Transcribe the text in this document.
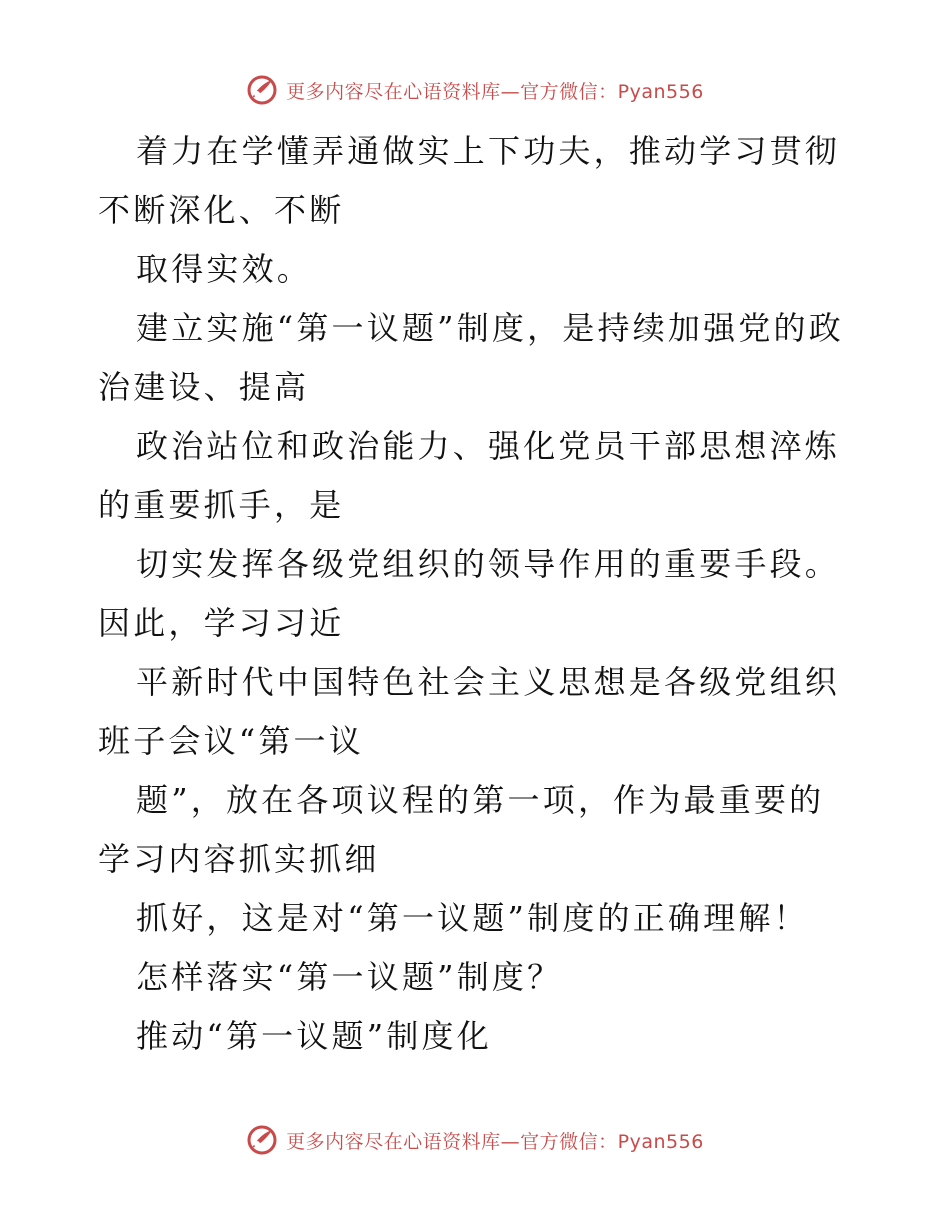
更多内容尽在心语资料库—官方微信：Pyan556

着力在学懂弄通做实上下功夫，推动学习贯彻不断深化、不断

取得实效。

建立实施“第一议题”制度，是持续加强党的政治建设、提高

政治站位和政治能力、强化党员干部思想淬炼的重要抓手，是

切实发挥各级党组织的领导作用的重要手段。因此，学习习近

平新时代中国特色社会主义思想是各级党组织班子会议“第一议

题”，放在各项议程的第一项，作为最重要的学习内容抓实抓细

抓好，这是对“第一议题”制度的正确理解！

怎样落实“第一议题”制度？

推动“第一议题”制度化

更多内容尽在心语资料库—官方微信：Pyan556
